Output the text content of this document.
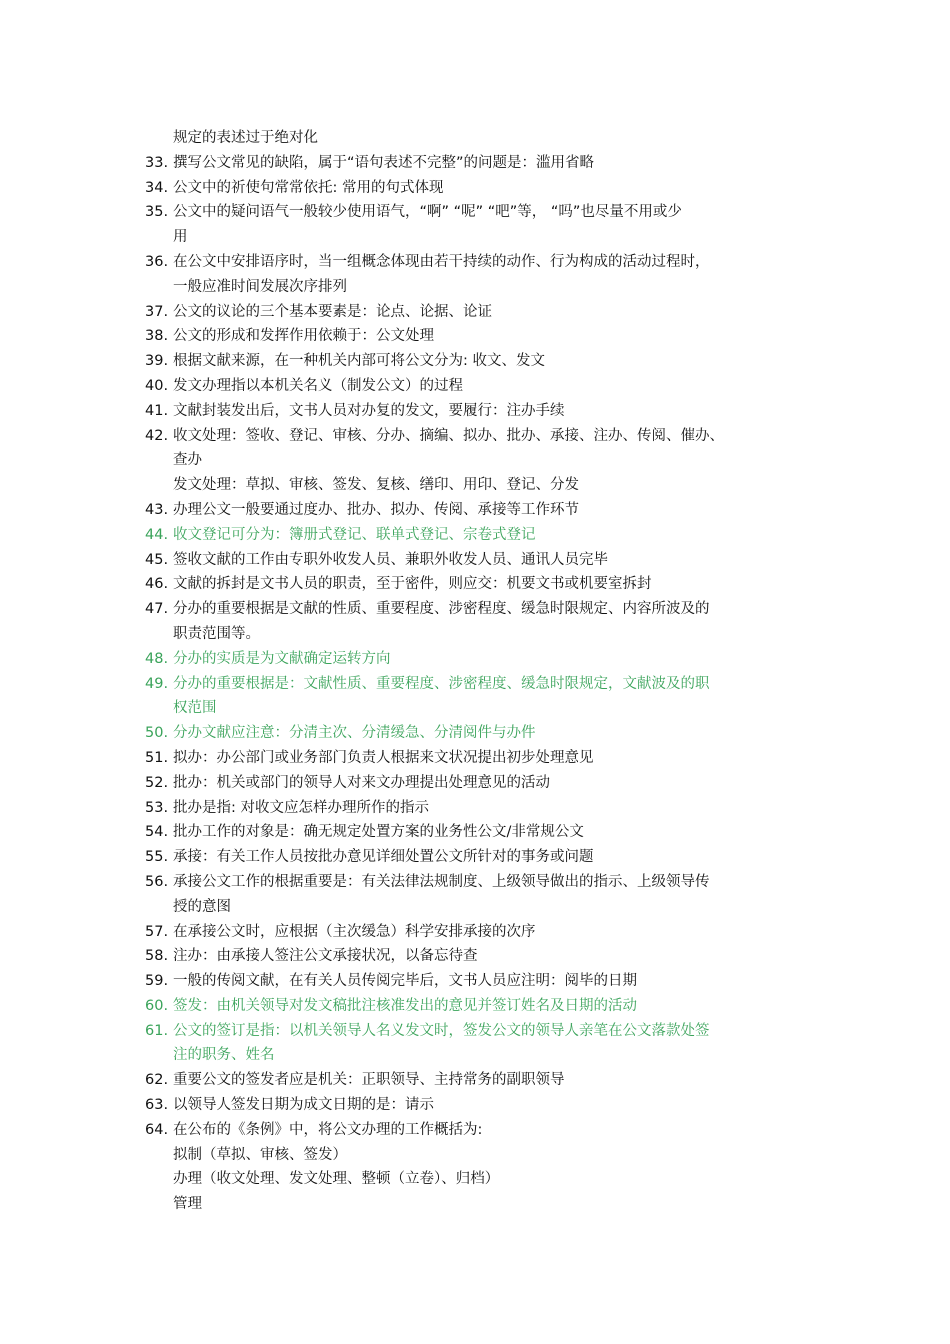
规定的表述过于绝对化
33. 撰写公文常见的缺陷，属于“语句表述不完整”的问题是：滥用省略
34. 公文中的祈使句常常依托: 常用的句式体现
35. 公文中的疑问语气一般较少使用语气，“啊” “呢” “吧”等， “吗”也尽量不用或少
用
36. 在公文中安排语序时，当一组概念体现由若干持续的动作、行为构成的活动过程时，
一般应准时间发展次序排列
37. 公文的议论的三个基本要素是：论点、论据、论证
38. 公文的形成和发挥作用依赖于：公文处理
39. 根据文献来源，在一种机关内部可将公文分为: 收文、发文
40. 发文办理指以本机关名义（制发公文）的过程
41. 文献封装发出后，文书人员对办复的发文，要履行：注办手续
42. 收文处理：签收、登记、审核、分办、摘编、拟办、批办、承接、注办、传阅、催办、
查办
发文处理：草拟、审核、签发、复核、缮印、用印、登记、分发
43. 办理公文一般要通过度办、批办、拟办、传阅、承接等工作环节
44. 收文登记可分为：簿册式登记、联单式登记、宗卷式登记
45. 签收文献的工作由专职外收发人员、兼职外收发人员、通讯人员完毕
46. 文献的拆封是文书人员的职责，至于密件，则应交：机要文书或机要室拆封
47. 分办的重要根据是文献的性质、重要程度、涉密程度、缓急时限规定、内容所波及的
职责范围等。
48. 分办的实质是为文献确定运转方向
49. 分办的重要根据是：文献性质、重要程度、涉密程度、缓急时限规定，文献波及的职
权范围
50. 分办文献应注意：分清主次、分清缓急、分清阅件与办件
51. 拟办：办公部门或业务部门负责人根据来文状况提出初步处理意见
52. 批办：机关或部门的领导人对来文办理提出处理意见的活动
53. 批办是指: 对收文应怎样办理所作的指示
54. 批办工作的对象是：确无规定处置方案的业务性公文/非常规公文
55. 承接：有关工作人员按批办意见详细处置公文所针对的事务或问题
56. 承接公文工作的根据重要是：有关法律法规制度、上级领导做出的指示、上级领导传
授的意图
57. 在承接公文时，应根据（主次缓急）科学安排承接的次序
58. 注办：由承接人签注公文承接状况，以备忘待查
59. 一般的传阅文献，在有关人员传阅完毕后，文书人员应注明：阅毕的日期
60. 签发：由机关领导对发文稿批注核准发出的意见并签订姓名及日期的活动
61. 公文的签订是指：以机关领导人名义发文时，签发公文的领导人亲笔在公文落款处签
注的职务、姓名
62. 重要公文的签发者应是机关：正职领导、主持常务的副职领导
63. 以领导人签发日期为成文日期的是：请示
64. 在公布的《条例》中，将公文办理的工作概括为:
拟制（草拟、审核、签发）
办理（收文处理、发文处理、整顿（立卷）、归档）
管理
